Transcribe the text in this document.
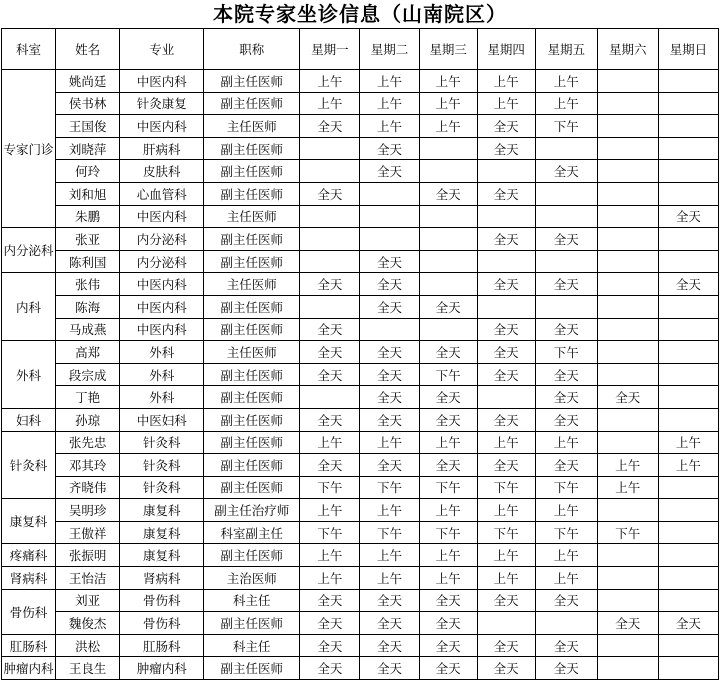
本院专家坐诊信息（山南院区）
科室	姓名	专业	职称	星期一	星期二	星期三	星期四	星期五	星期六	星期日
专家门诊	姚尚廷	中医内科	副主任医师	上午	上午	上午	上午	上午		
	侯书林	针灸康复	副主任医师	上午	上午	上午	上午	上午		
	王国俊	中医内科	主任医师	全天	上午	上午	全天	下午		
	刘晓萍	肝病科	副主任医师		全天		全天			
	何玲	皮肤科	副主任医师		全天			全天		
	刘和旭	心血管科	副主任医师	全天		全天	全天			
	朱鹏	中医内科	主任医师							全天
内分泌科	张亚	内分泌科	副主任医师				全天	全天		
	陈利国	内分泌科	副主任医师		全天					
内科	张伟	中医内科	主任医师	全天	全天		全天	全天		全天
	陈海	中医内科	副主任医师		全天	全天				
	马成燕	中医内科	副主任医师	全天			全天	全天		
外科	高郑	外科	主任医师	全天	全天	全天	全天	下午		
	段宗成	外科	副主任医师	全天	全天	下午	全天	全天		
	丁艳	外科	副主任医师		全天	全天		全天	全天	
妇科	孙琼	中医妇科	副主任医师	全天	全天	全天	全天	全天		
针灸科	张先忠	针灸科	副主任医师	上午	上午	上午	上午	上午		上午
	邓其玲	针灸科	副主任医师	全天	全天	全天	全天	全天	上午	上午
	齐晓伟	针灸科	副主任医师	下午	下午	下午	下午	下午	上午	
康复科	吴明珍	康复科	副主任治疗师	上午	上午	上午	上午	上午		
	王傲祥	康复科	科室副主任	下午	下午	下午	下午	下午	下午	
疼痛科	张振明	康复科	副主任医师	上午	上午	上午	上午	上午		
肾病科	王怡洁	肾病科	主治医师	上午	上午	上午	上午	上午		
骨伤科	刘亚	骨伤科	科主任	全天	全天	全天	全天	全天		
	魏俊杰	骨伤科	副主任医师	全天	全天	全天			全天	全天
肛肠科	洪松	肛肠科	科主任	全天	全天	全天	全天	全天		
肿瘤内科	王良生	肿瘤内科	副主任医师	全天	全天	全天	全天	全天		
